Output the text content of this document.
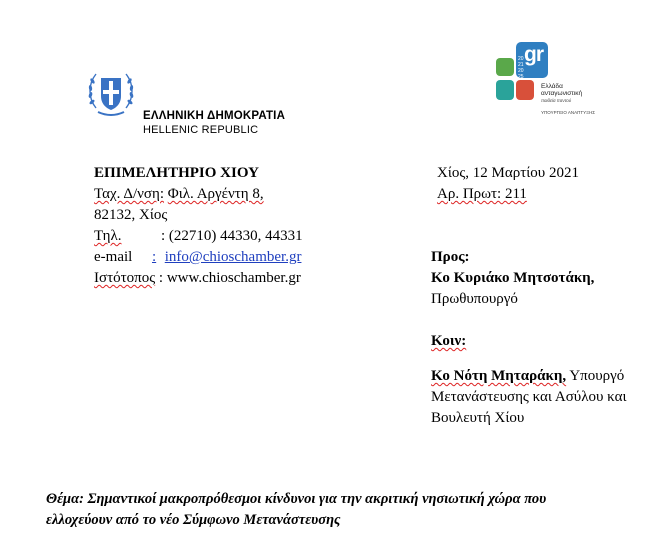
ΕΛΛΗΝΙΚΗ ΔΗΜΟΚΡΑΤΙΑ
HELLENIC REPUBLIC
gr
2021 2025
Ελλάδα
ανταγωνιστική
παιδεία παντού
ΥΠΟΥΡΓΕΙΟ ΑΝΑΠΤΥΞΗΣ
ΕΠΙΜΕΛΗΤΗΡΙΟ ΧΙΟΥ
Ταχ. Δ/νση: Φιλ. Αργέντη 8,
82132, Χίος
Τηλ.	: (22710) 44330, 44331
e-mail : info@chioschamber.gr
Ιστότοπος : www.chioschamber.gr
Χίος, 12 Μαρτίου 2021
Αρ. Πρωτ: 211
Προς:
Κο Κυριάκο Μητσοτάκη,
Πρωθυπουργό
Κοιν:
Κο Νότη Μηταράκη, Υπουργό
Μετανάστευσης και Ασύλου και
Βουλευτή Χίου
Θέμα: Σημαντικοί μακροπρόθεσμοι κίνδυνοι για την ακριτική νησιωτική χώρα που
ελλοχεύουν από το νέο Σύμφωνο Μετανάστευσης
